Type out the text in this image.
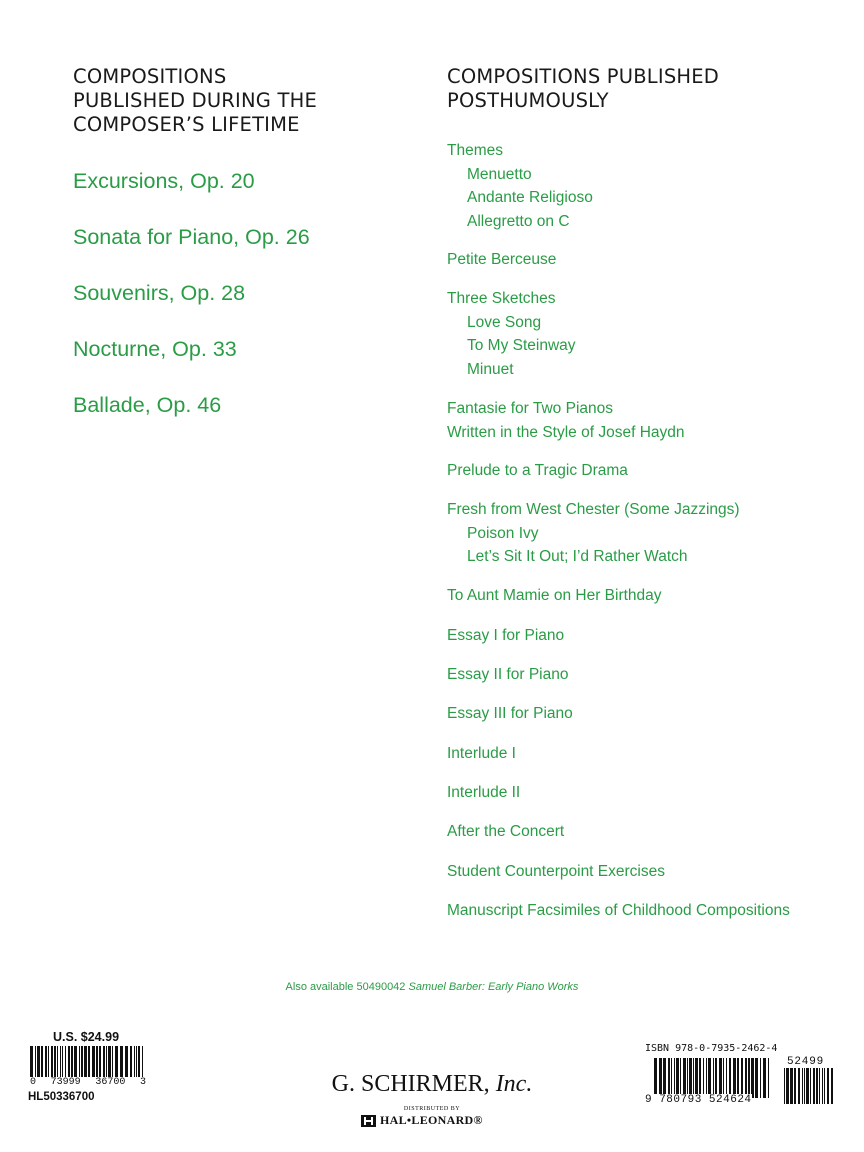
COMPOSITIONS
PUBLISHED DURING THE
COMPOSER’S LIFETIME
Excursions, Op. 20
Sonata for Piano, Op. 26
Souvenirs, Op. 28
Nocturne, Op. 33
Ballade, Op. 46
COMPOSITIONS PUBLISHED
POSTHUMOUSLY
Themes
Menuetto
Andante Religioso
Allegretto on C
Petite Berceuse
Three Sketches
Love Song
To My Steinway
Minuet
Fantasie for Two Pianos
Written in the Style of Josef Haydn
Prelude to a Tragic Drama
Fresh from West Chester (Some Jazzings)
Poison Ivy
Let’s Sit It Out; I’d Rather Watch
To Aunt Mamie on Her Birthday
Essay I for Piano
Essay II for Piano
Essay III for Piano
Interlude I
Interlude II
After the Concert
Student Counterpoint Exercises
Manuscript Facsimiles of Childhood Compositions
Also available 50490042 Samuel Barber: Early Piano Works
U.S. $24.99
0 73999 36700 3
HL50336700	G. SCHIRMER, Inc.
DISTRIBUTED BY
HAL•LEONARD®
ISBN 978-0-7935-2462-4
9 780793 524624
52499
